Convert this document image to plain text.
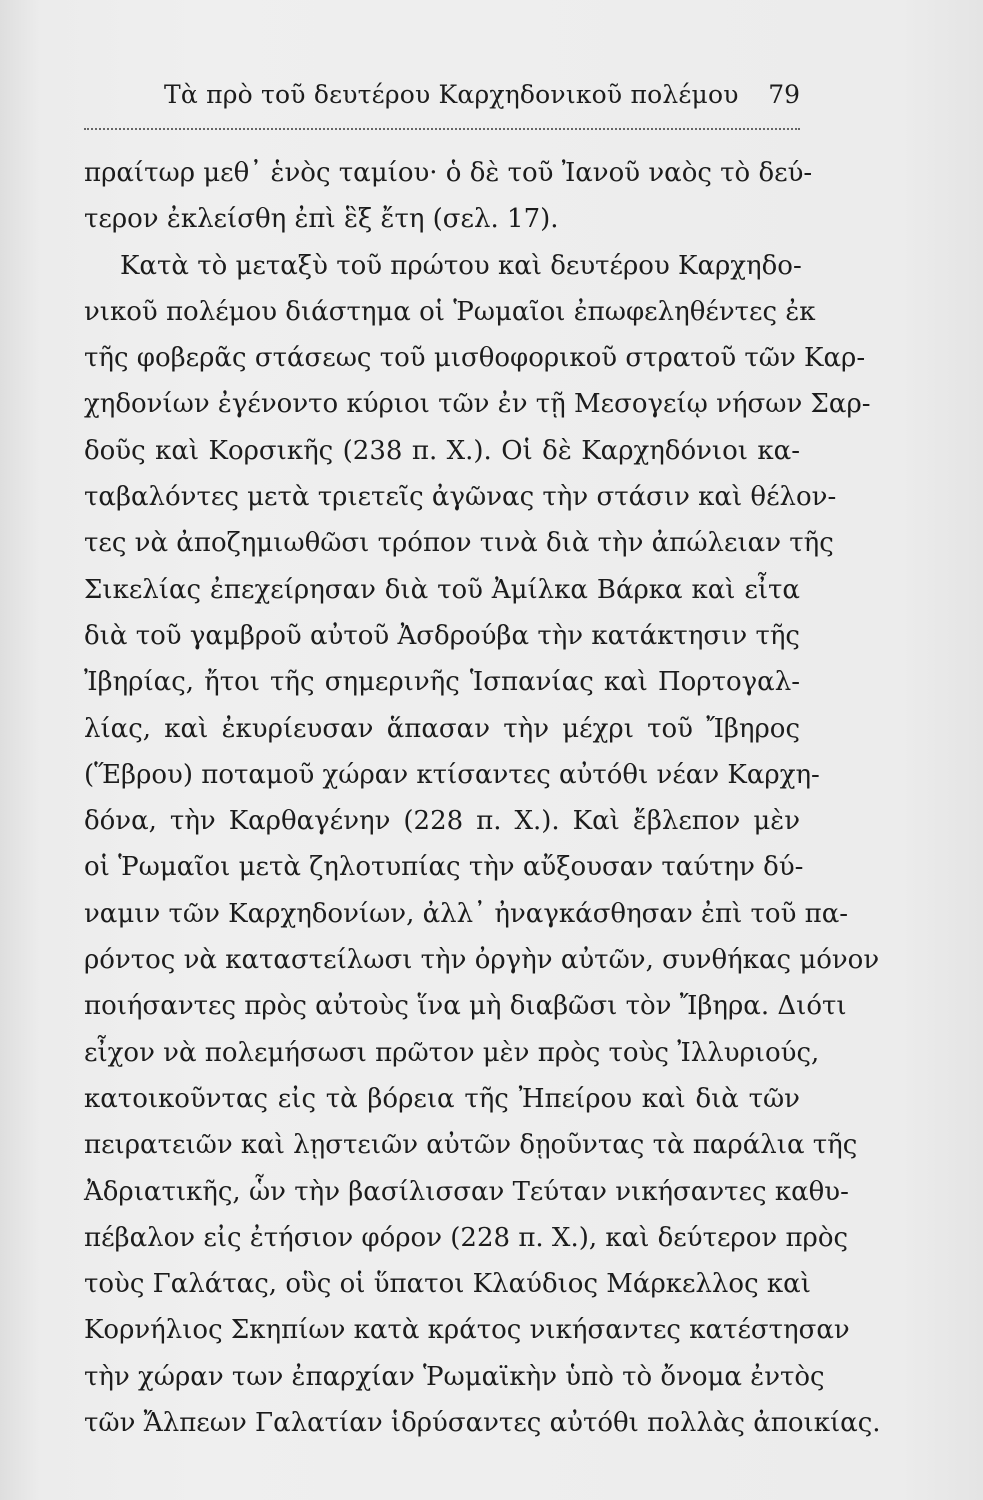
Τὰ πρὸ τοῦ δευτέρου Καρχηδονικοῦ πολέμου 79
πραίτωρ μεθ᾽ ἑνὸς ταμίου· ὁ δὲ τοῦ Ἰανοῦ ναὸς τὸ δεύ-
τερον ἐκλείσθη ἐπὶ ἓξ ἔτη (σελ. 17).
Κατὰ τὸ μεταξὺ τοῦ πρώτου καὶ δευτέρου Καρχηδο-
νικοῦ πολέμου διάστημα οἱ Ῥωμαῖοι ἐπωφεληθέντες ἐκ
τῆς φοβερᾶς στάσεως τοῦ μισθοφορικοῦ στρατοῦ τῶν Καρ-
χηδονίων ἐγένοντο κύριοι τῶν ἐν τῇ Μεσογείῳ νήσων Σαρ-
δοῦς καὶ Κορσικῆς (238 π. Χ.). Οἱ δὲ Καρχηδόνιοι κα-
ταβαλόντες μετὰ τριετεῖς ἀγῶνας τὴν στάσιν καὶ θέλον-
τες νὰ ἀποζημιωθῶσι τρόπον τινὰ διὰ τὴν ἀπώλειαν τῆς
Σικελίας ἐπεχείρησαν διὰ τοῦ Ἀμίλκα Βάρκα καὶ εἶτα
διὰ τοῦ γαμβροῦ αὐτοῦ Ἀσδρούβα τὴν κατάκτησιν τῆς
Ἰβηρίας, ἤτοι τῆς σημερινῆς Ἱσπανίας καὶ Πορτογαλ-
λίας, καὶ ἐκυρίευσαν ἅπασαν τὴν μέχρι τοῦ Ἴβηρος
(Ἕβρου) ποταμοῦ χώραν κτίσαντες αὐτόθι νέαν Καρχη-
δόνα, τὴν Καρθαγένην (228 π. Χ.). Καὶ ἔβλεπον μὲν
οἱ Ῥωμαῖοι μετὰ ζηλοτυπίας τὴν αὔξουσαν ταύτην δύ-
ναμιν τῶν Καρχηδονίων, ἀλλ᾽ ἠναγκάσθησαν ἐπὶ τοῦ πα-
ρόντος νὰ καταστείλωσι τὴν ὀργὴν αὐτῶν, συνθήκας μόνον
ποιήσαντες πρὸς αὐτοὺς ἵνα μὴ διαβῶσι τὸν Ἴβηρα. Διότι
εἶχον νὰ πολεμήσωσι πρῶτον μὲν πρὸς τοὺς Ἰλλυριούς,
κατοικοῦντας εἰς τὰ βόρεια τῆς Ἠπείρου καὶ διὰ τῶν
πειρατειῶν καὶ λῃστειῶν αὐτῶν δῃοῦντας τὰ παράλια τῆς
Ἀδριατικῆς, ὧν τὴν βασίλισσαν Τεύταν νικήσαντες καθυ-
πέβαλον εἰς ἐτήσιον φόρον (228 π. Χ.), καὶ δεύτερον πρὸς
τοὺς Γαλάτας, οὓς οἱ ὕπατοι Κλαύδιος Μάρκελλος καὶ
Κορνήλιος Σκηπίων κατὰ κράτος νικήσαντες κατέστησαν
τὴν χώραν των ἐπαρχίαν Ῥωμαϊκὴν ὑπὸ τὸ ὄνομα ἐντὸς
τῶν Ἄλπεων Γαλατίαν ἱδρύσαντες αὐτόθι πολλὰς ἀποικίας.
